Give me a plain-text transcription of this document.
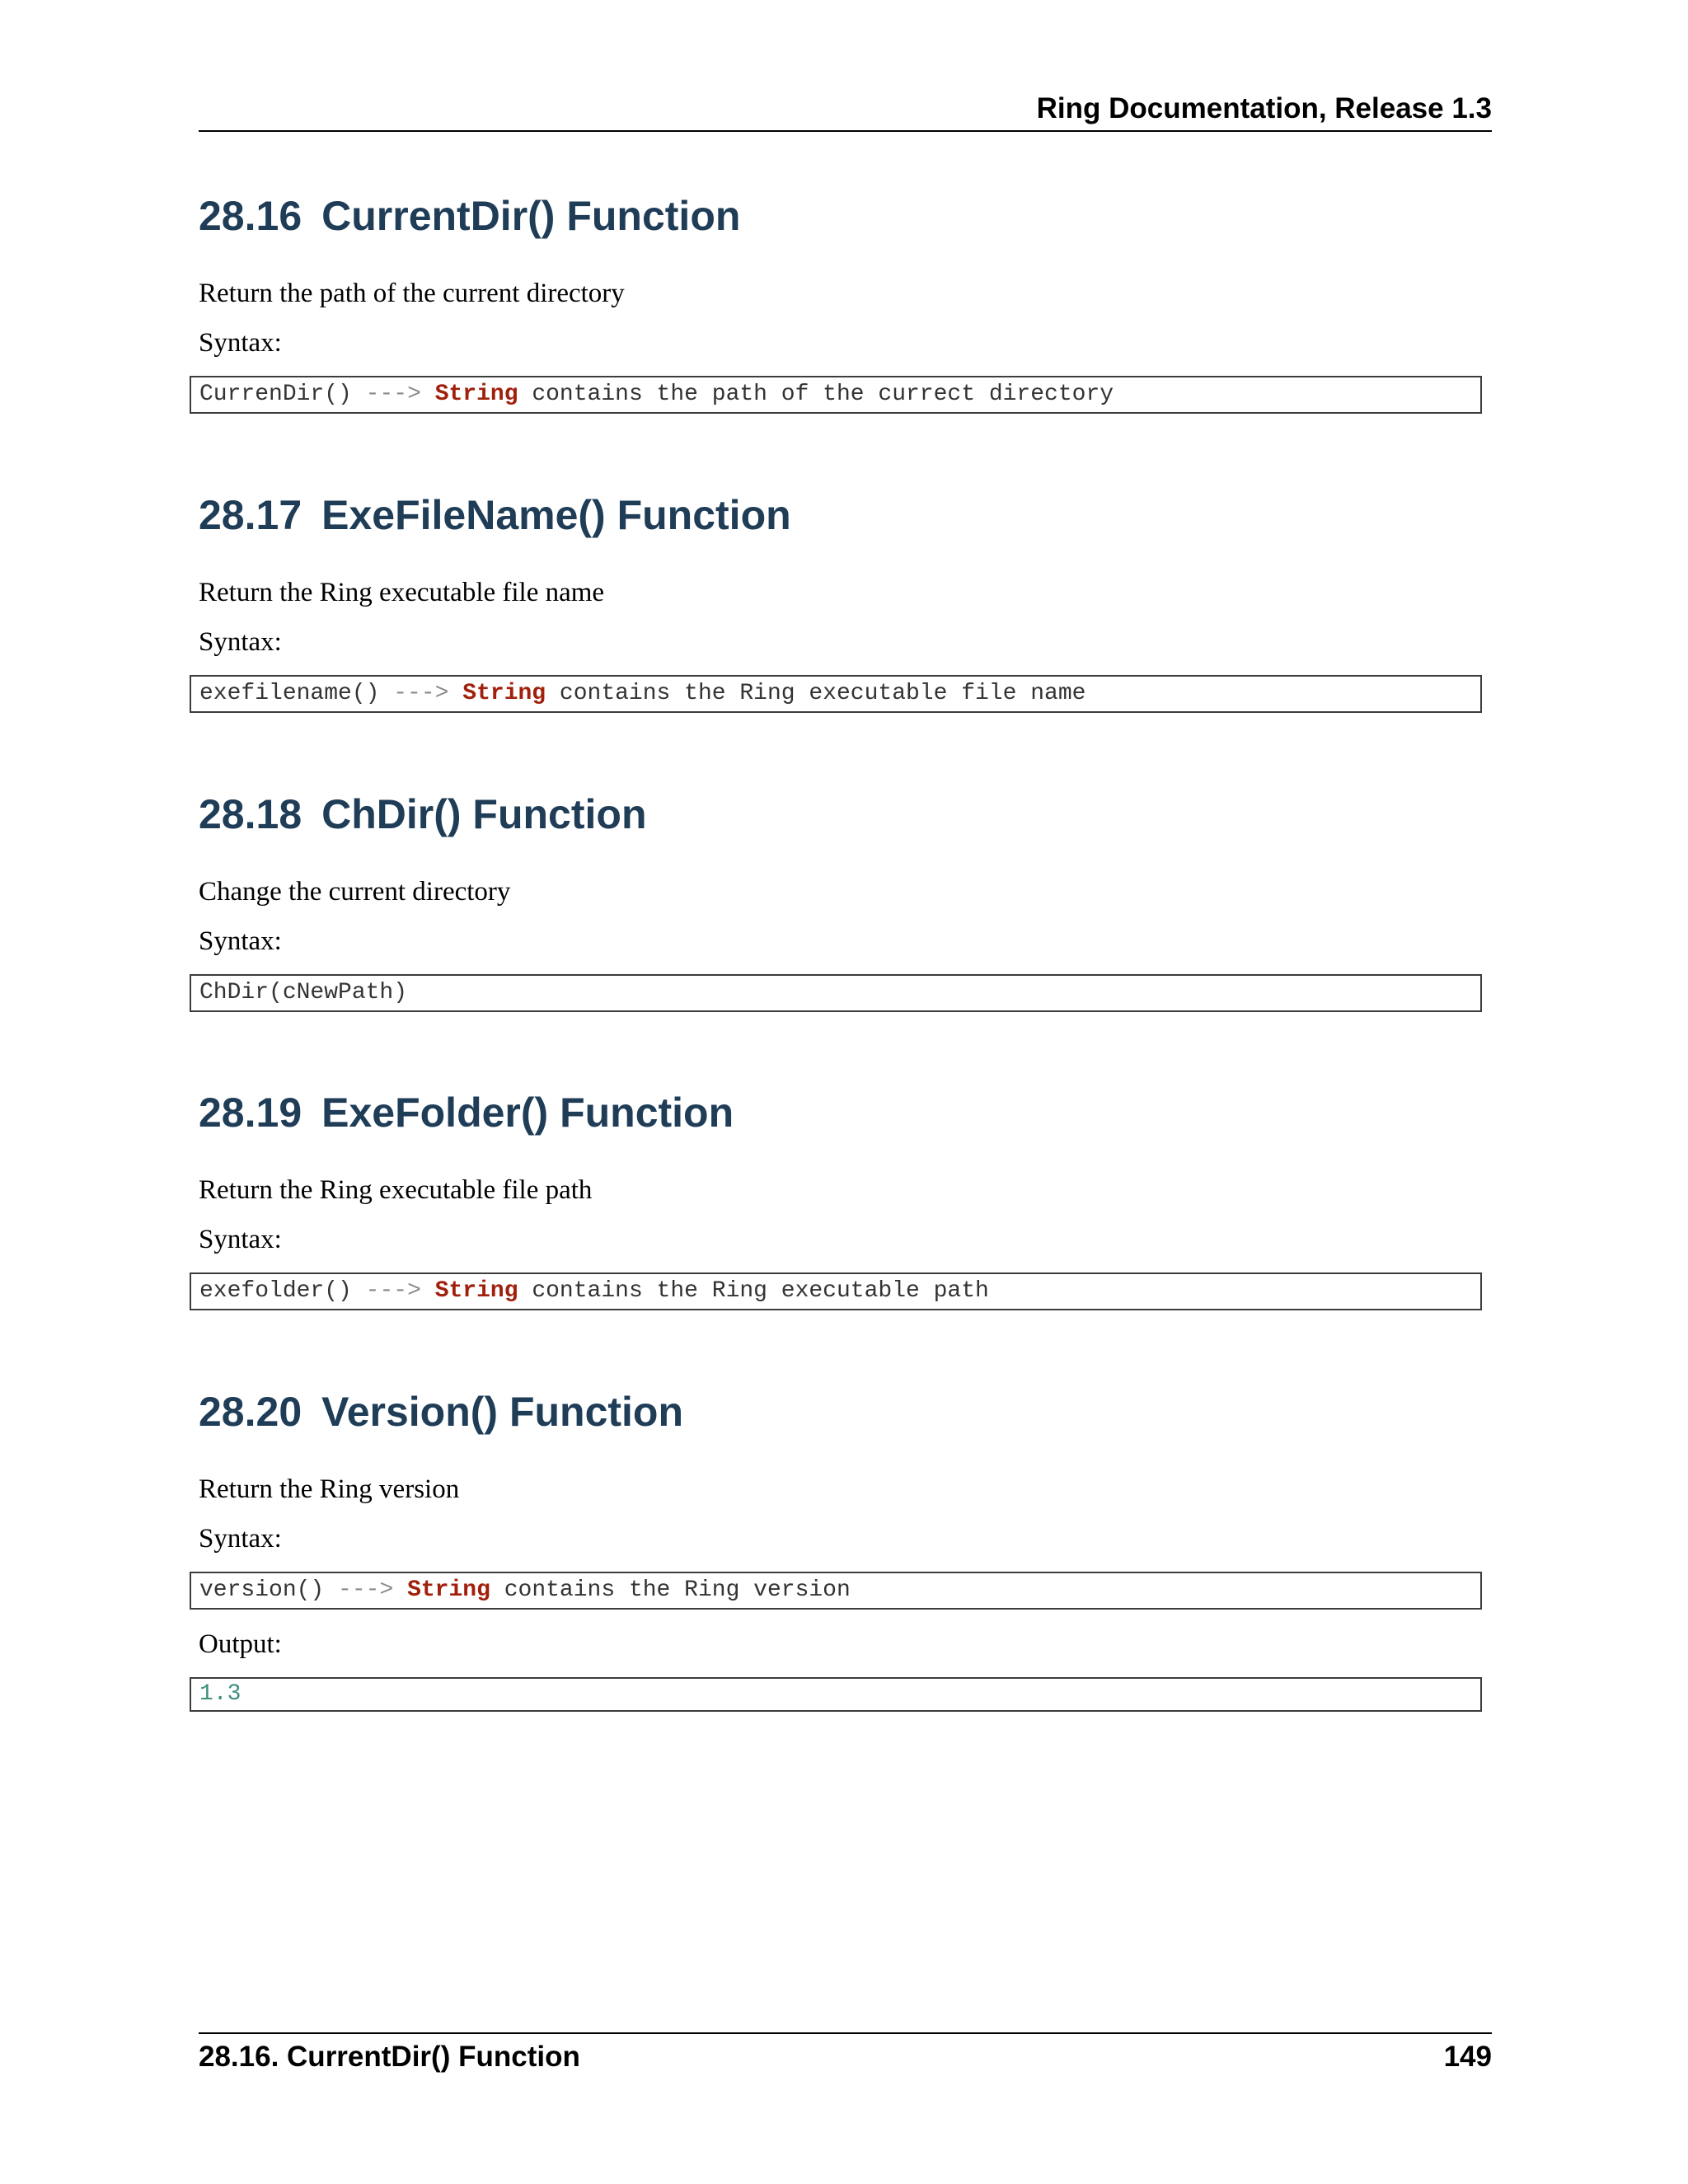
Ring Documentation, Release 1.3
28.16 CurrentDir() Function

Return the path of the current directory

Syntax:

CurrenDir() ---> String contains the path of the currect directory
28.17 ExeFileName() Function

Return the Ring executable file name

Syntax:

exefilename() ---> String contains the Ring executable file name
28.18 ChDir() Function

Change the current directory

Syntax:

ChDir(cNewPath)
28.19 ExeFolder() Function

Return the Ring executable file path

Syntax:

exefolder() ---> String contains the Ring executable path
28.20 Version() Function

Return the Ring version

Syntax:

version() ---> String contains the Ring version

Output:

1.3
28.16. CurrentDir() Function	149
